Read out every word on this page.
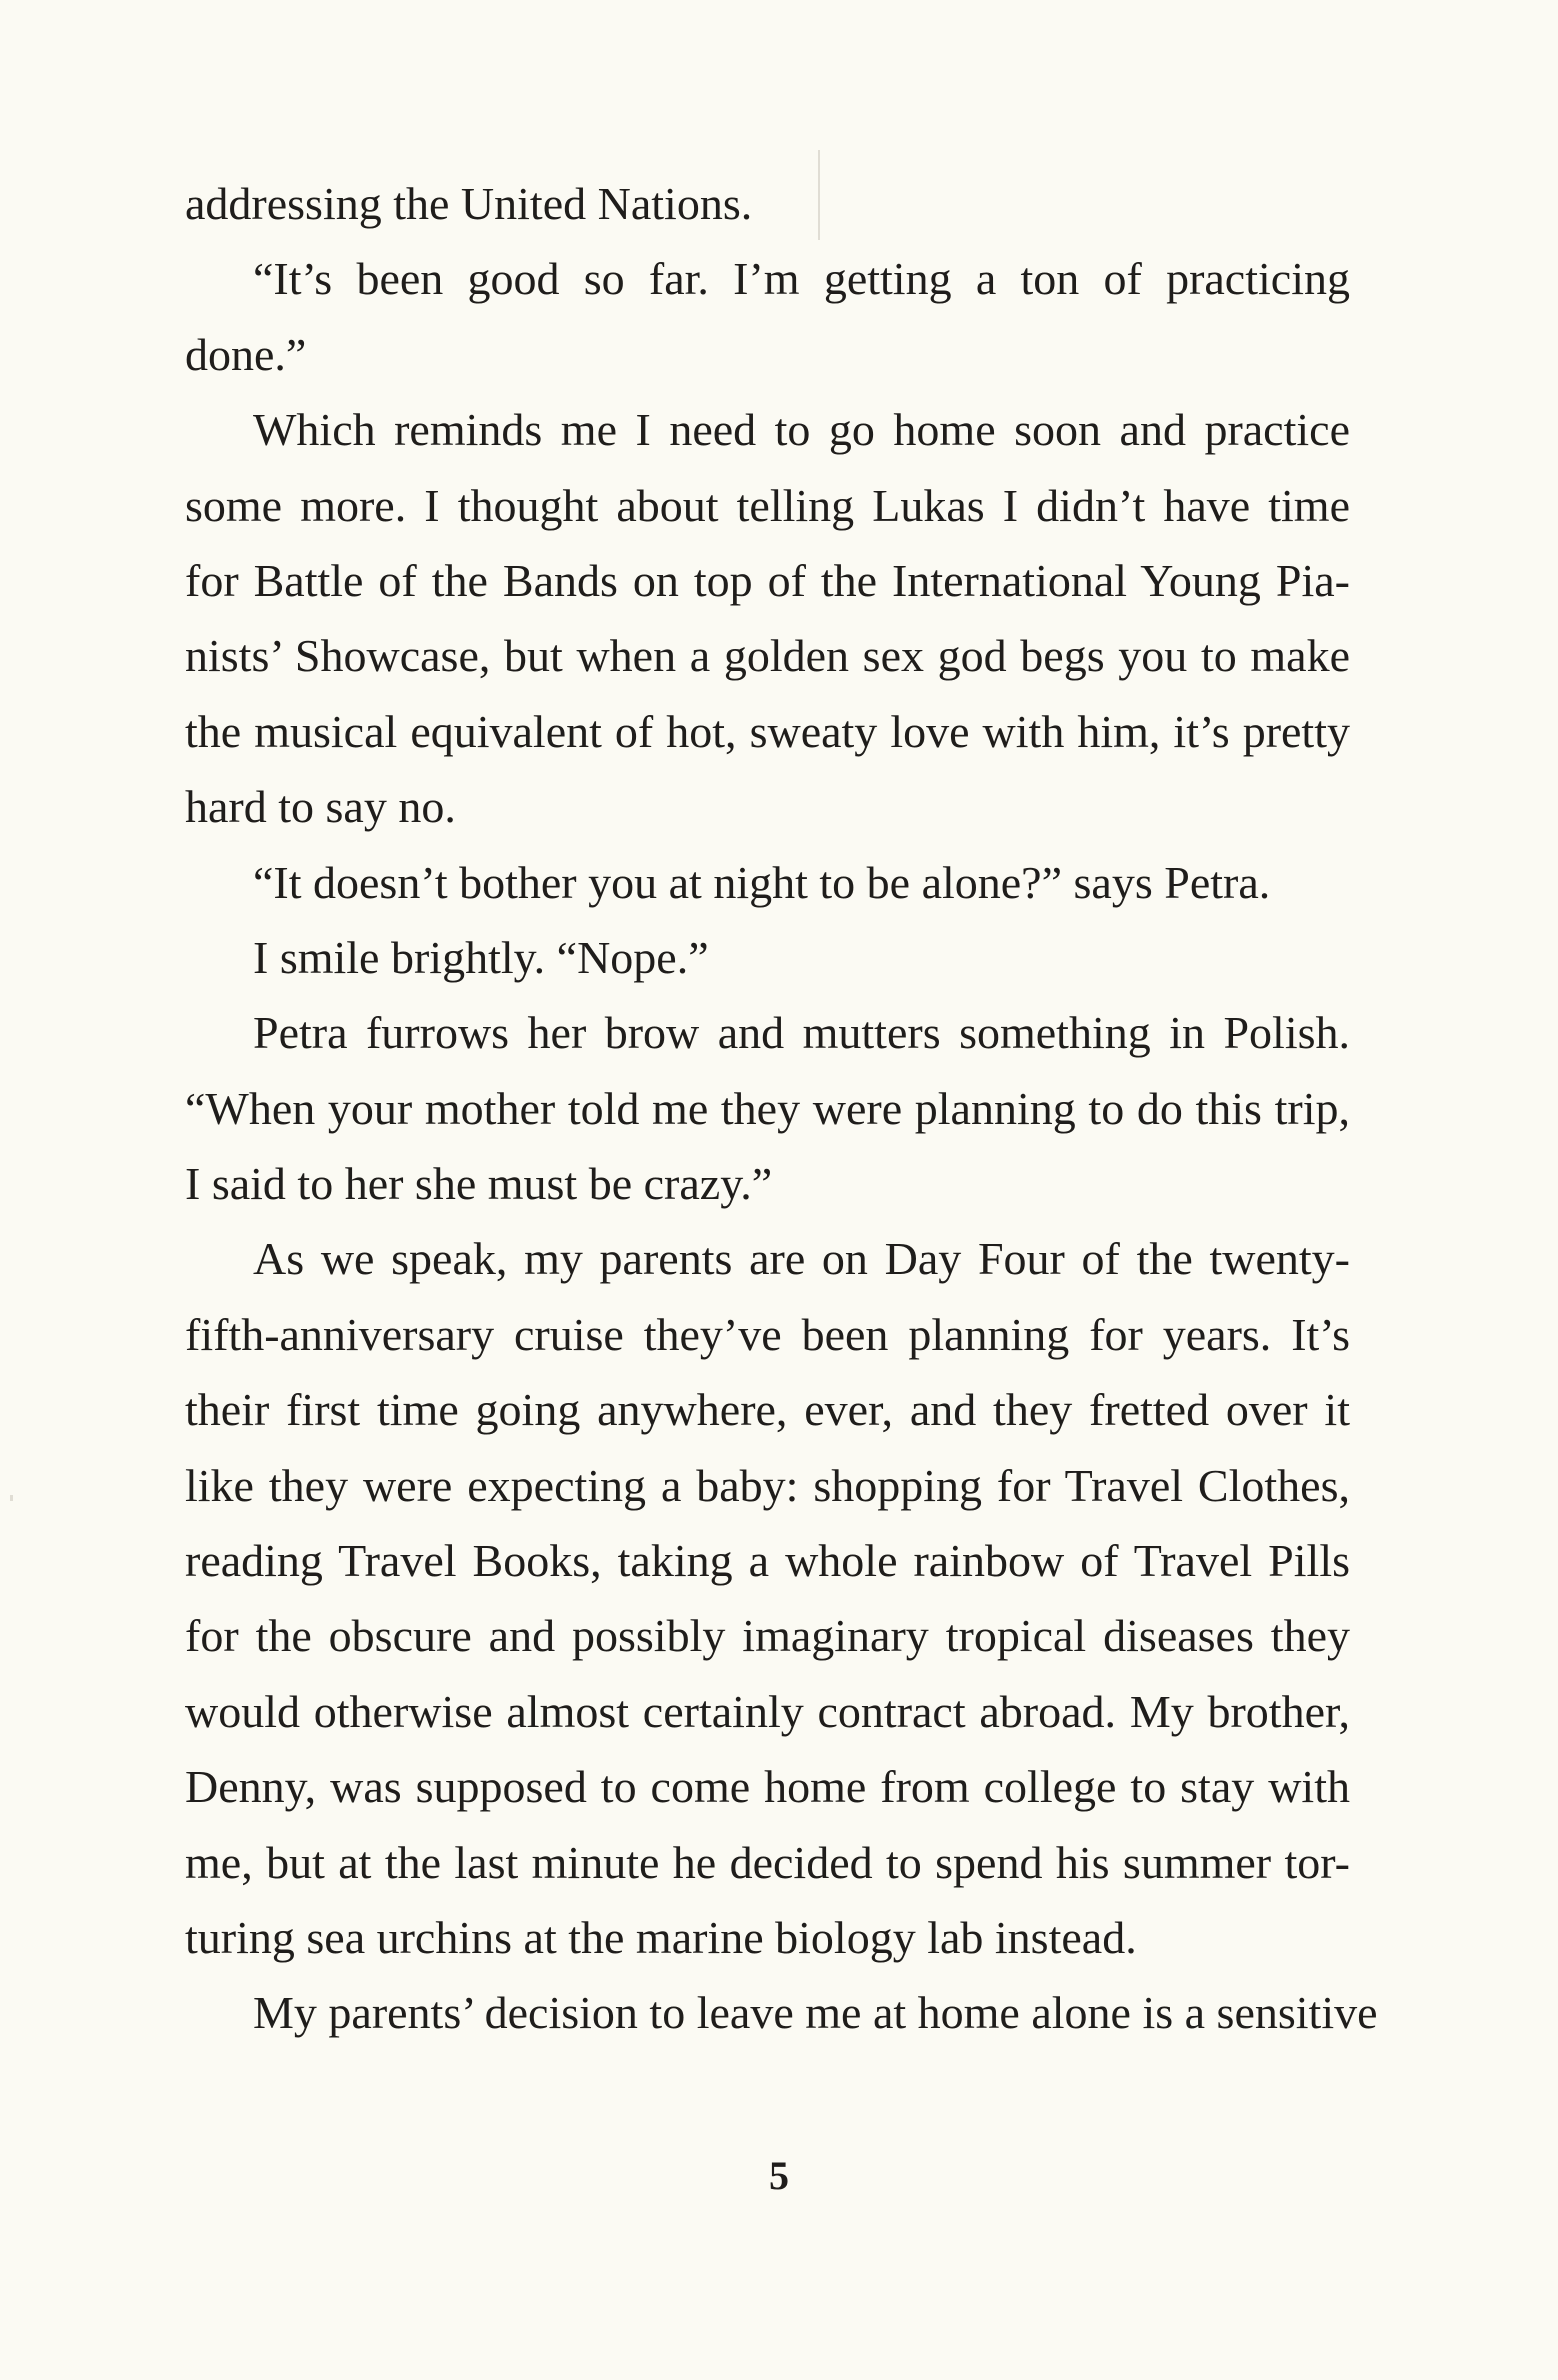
addressing the United Nations.
“It’s been good so far. I’m getting a ton of practicing
done.”
Which reminds me I need to go home soon and practice
some more. I thought about telling Lukas I didn’t have time
for Battle of the Bands on top of the International Young Pia-
nists’ Showcase, but when a golden sex god begs you to make
the musical equivalent of hot, sweaty love with him, it’s pretty
hard to say no.
“It doesn’t bother you at night to be alone?” says Petra.
I smile brightly. “Nope.”
Petra furrows her brow and mutters something in Polish.
“When your mother told me they were planning to do this trip,
I said to her she must be crazy.”
As we speak, my parents are on Day Four of the twenty-
fifth-anniversary cruise they’ve been planning for years. It’s
their first time going anywhere, ever, and they fretted over it
like they were expecting a baby: shopping for Travel Clothes,
reading Travel Books, taking a whole rainbow of Travel Pills
for the obscure and possibly imaginary tropical diseases they
would otherwise almost certainly contract abroad. My brother,
Denny, was supposed to come home from college to stay with
me, but at the last minute he decided to spend his summer tor-
turing sea urchins at the marine biology lab instead.
My parents’ decision to leave me at home alone is a sensitive
5
